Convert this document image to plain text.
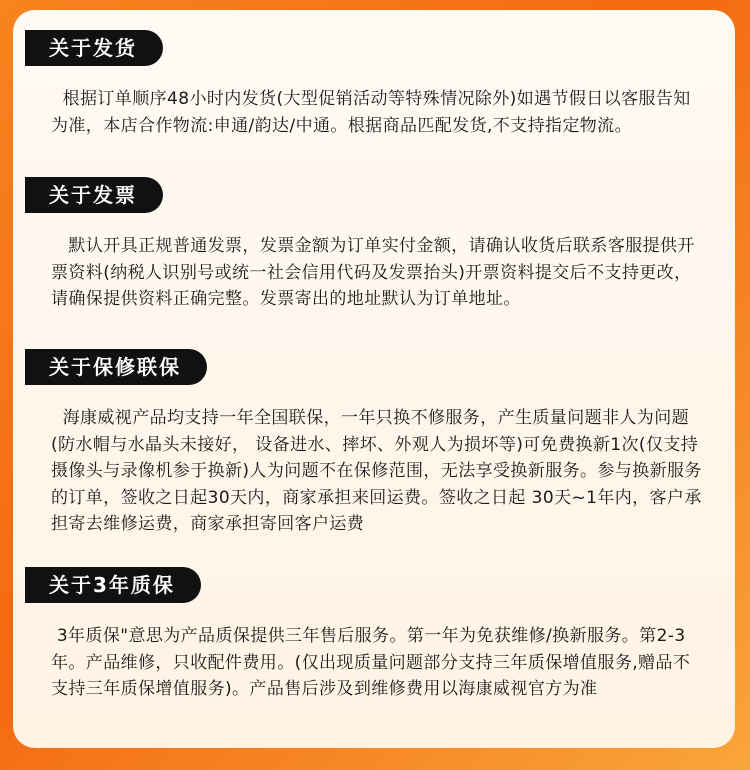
关于发货
根据订单顺序48小时内发货(大型促销活动等特殊情况除外)如遇节假日以客服告知为准，本店合作物流:申通/韵达/中通。根据商品匹配发货,不支持指定物流。
关于发票
默认开具正规普通发票，发票金额为订单实付金额，请确认收货后联系客服提供开票资料(纳税人识别号或统一社会信用代码及发票抬头)开票资料提交后不支持更改，请确保提供资料正确完整。发票寄出的地址默认为订单地址。
关于保修联保
海康威视产品均支持一年全国联保，一年只换不修服务，产生质量问题非人为问题(防水帽与水晶头未接好， 设备进水、摔坏、外观人为损坏等)可免费换新1次(仅支持摄像头与录像机参于换新)人为问题不在保修范围，无法享受换新服务。参与换新服务的订单，签收之日起30天内，商家承担来回运费。签收之日起 30天~1年内，客户承担寄去维修运费，商家承担寄回客户运费
关于3年质保
3年质保"意思为产品质保提供三年售后服务。第一年为免获维修/换新服务。第2-3年。产品维修，只收配件费用。(仅出现质量问题部分支持三年质保增值服务,赠品不支持三年质保增值服务)。产品售后涉及到维修费用以海康威视官方为准
